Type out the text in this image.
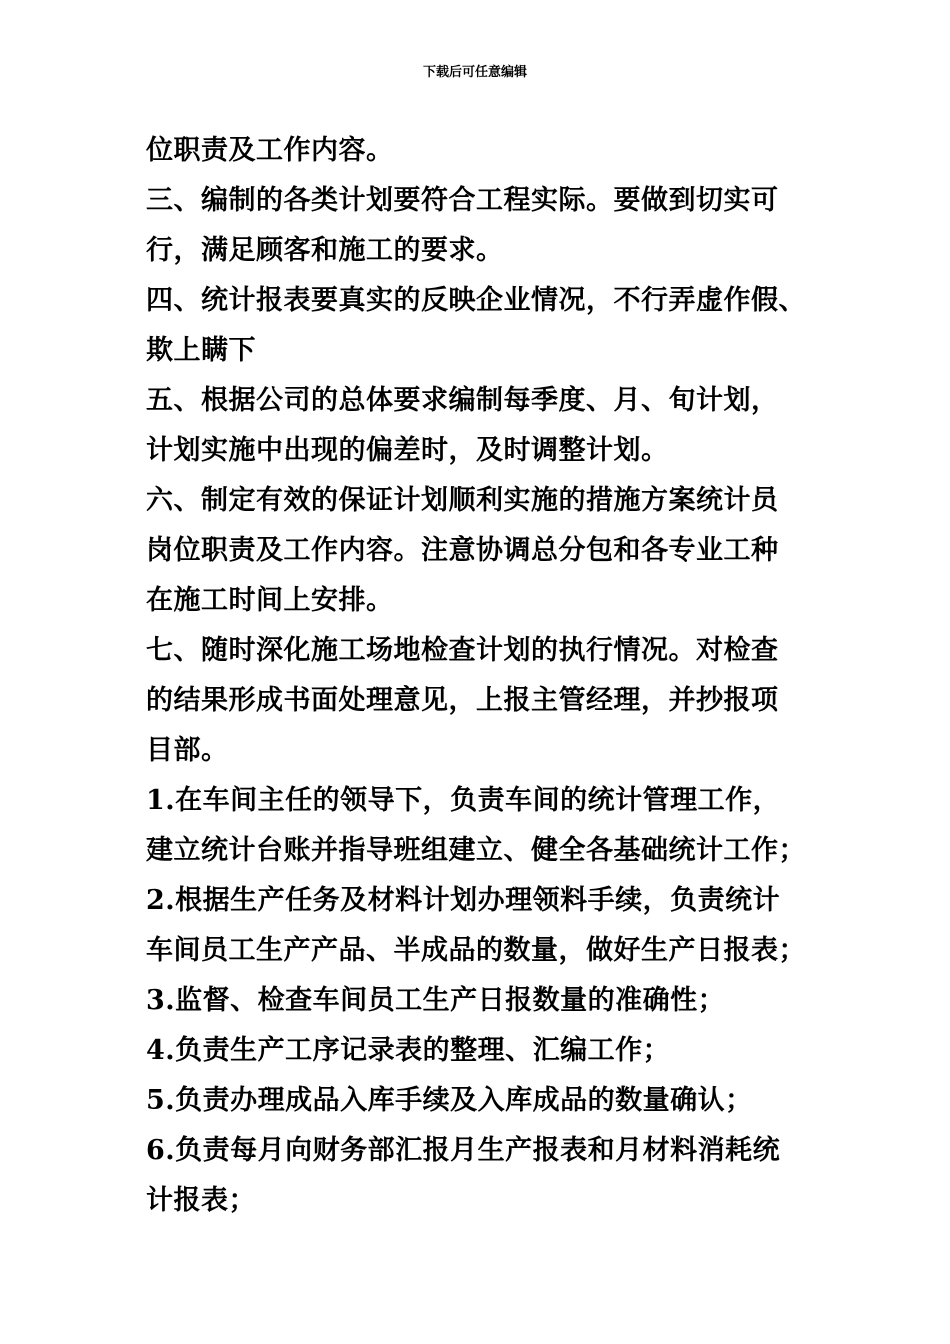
下载后可任意编辑
位职责及工作内容。
三、编制的各类计划要符合工程实际。要做到切实可
行，满足顾客和施工的要求。
四、统计报表要真实的反映企业情况，不行弄虚作假、
欺上瞒下
五、根据公司的总体要求编制每季度、月、旬计划，
计划实施中出现的偏差时，及时调整计划。
六、制定有效的保证计划顺利实施的措施方案统计员
岗位职责及工作内容。注意协调总分包和各专业工种
在施工时间上安排。
七、随时深化施工场地检查计划的执行情况。对检查
的结果形成书面处理意见，上报主管经理，并抄报项
目部。
1.在车间主任的领导下，负责车间的统计管理工作，
建立统计台账并指导班组建立、健全各基础统计工作；
2.根据生产任务及材料计划办理领料手续，负责统计
车间员工生产产品、半成品的数量，做好生产日报表；
3.监督、检查车间员工生产日报数量的准确性；
4.负责生产工序记录表的整理、汇编工作；
5.负责办理成品入库手续及入库成品的数量确认；
6.负责每月向财务部汇报月生产报表和月材料消耗统
计报表；
